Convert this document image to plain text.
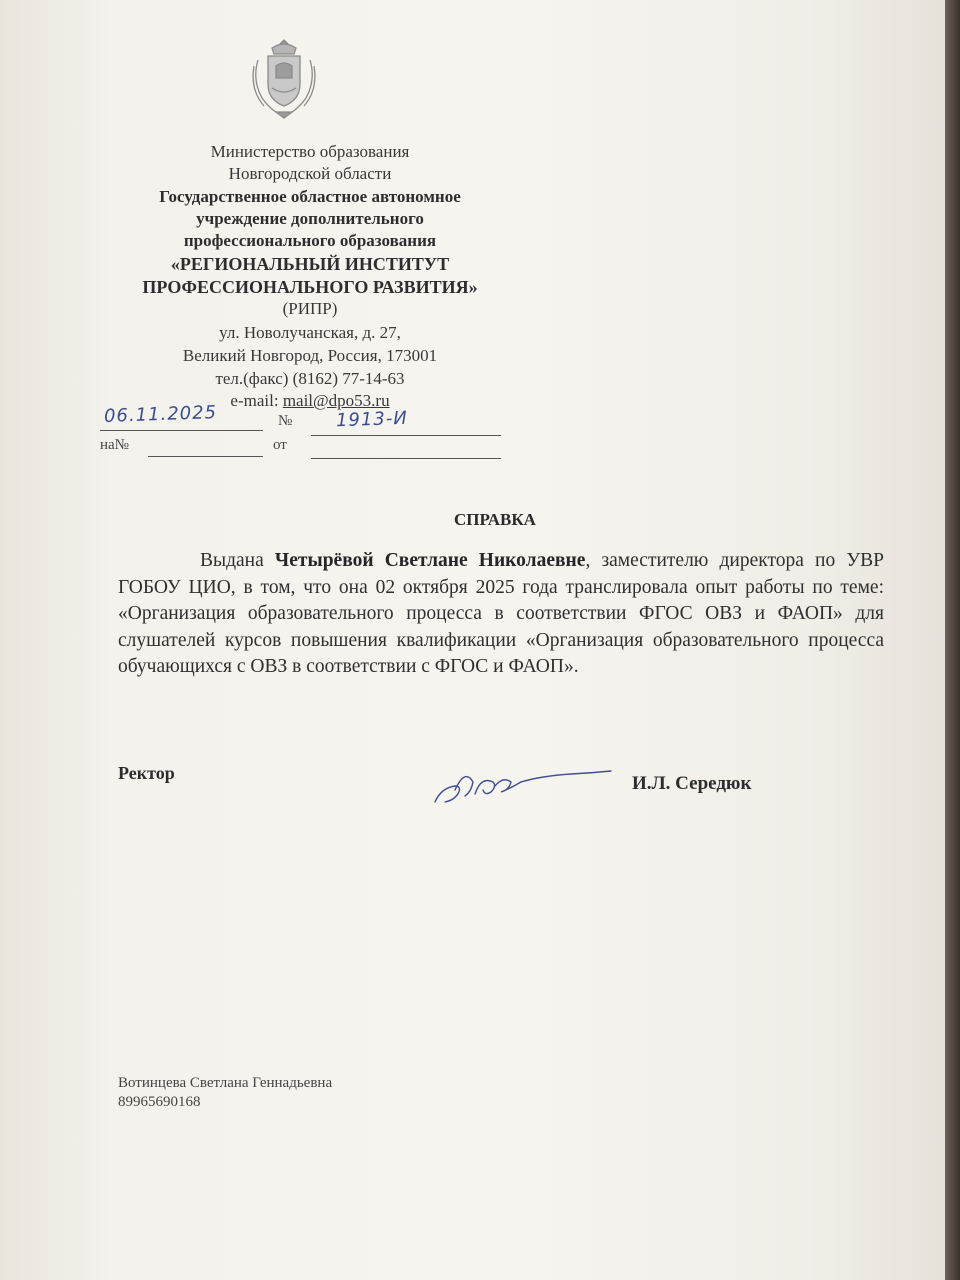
Министерство образования
Новгородской области
Государственное областное автономное
учреждение дополнительного
профессионального образования
«РЕГИОНАЛЬНЫЙ ИНСТИТУТ
ПРОФЕССИОНАЛЬНОГО РАЗВИТИЯ»
(РИПР)
ул. Новолучанская, д. 27,
Великий Новгород, Россия, 173001
тел.(факс) (8162) 77-14-63
e-mail: mail@dpo53.ru
06.11.2025	№ 1913-И
на№	от
СПРАВКА
Выдана Четырёвой Светлане Николаевне, заместителю директора по УВР ГОБОУ ЦИО, в том, что она 02 октября 2025 года транслировала опыт работы по теме: «Организация образовательного процесса в соответствии ФГОС ОВЗ и ФАОП» для слушателей курсов повышения квалификации «Организация образовательного процесса обучающихся с ОВЗ в соответствии с ФГОС и ФАОП».
Ректор	И.Л. Середюк
Вотинцева Светлана Геннадьевна
89965690168
